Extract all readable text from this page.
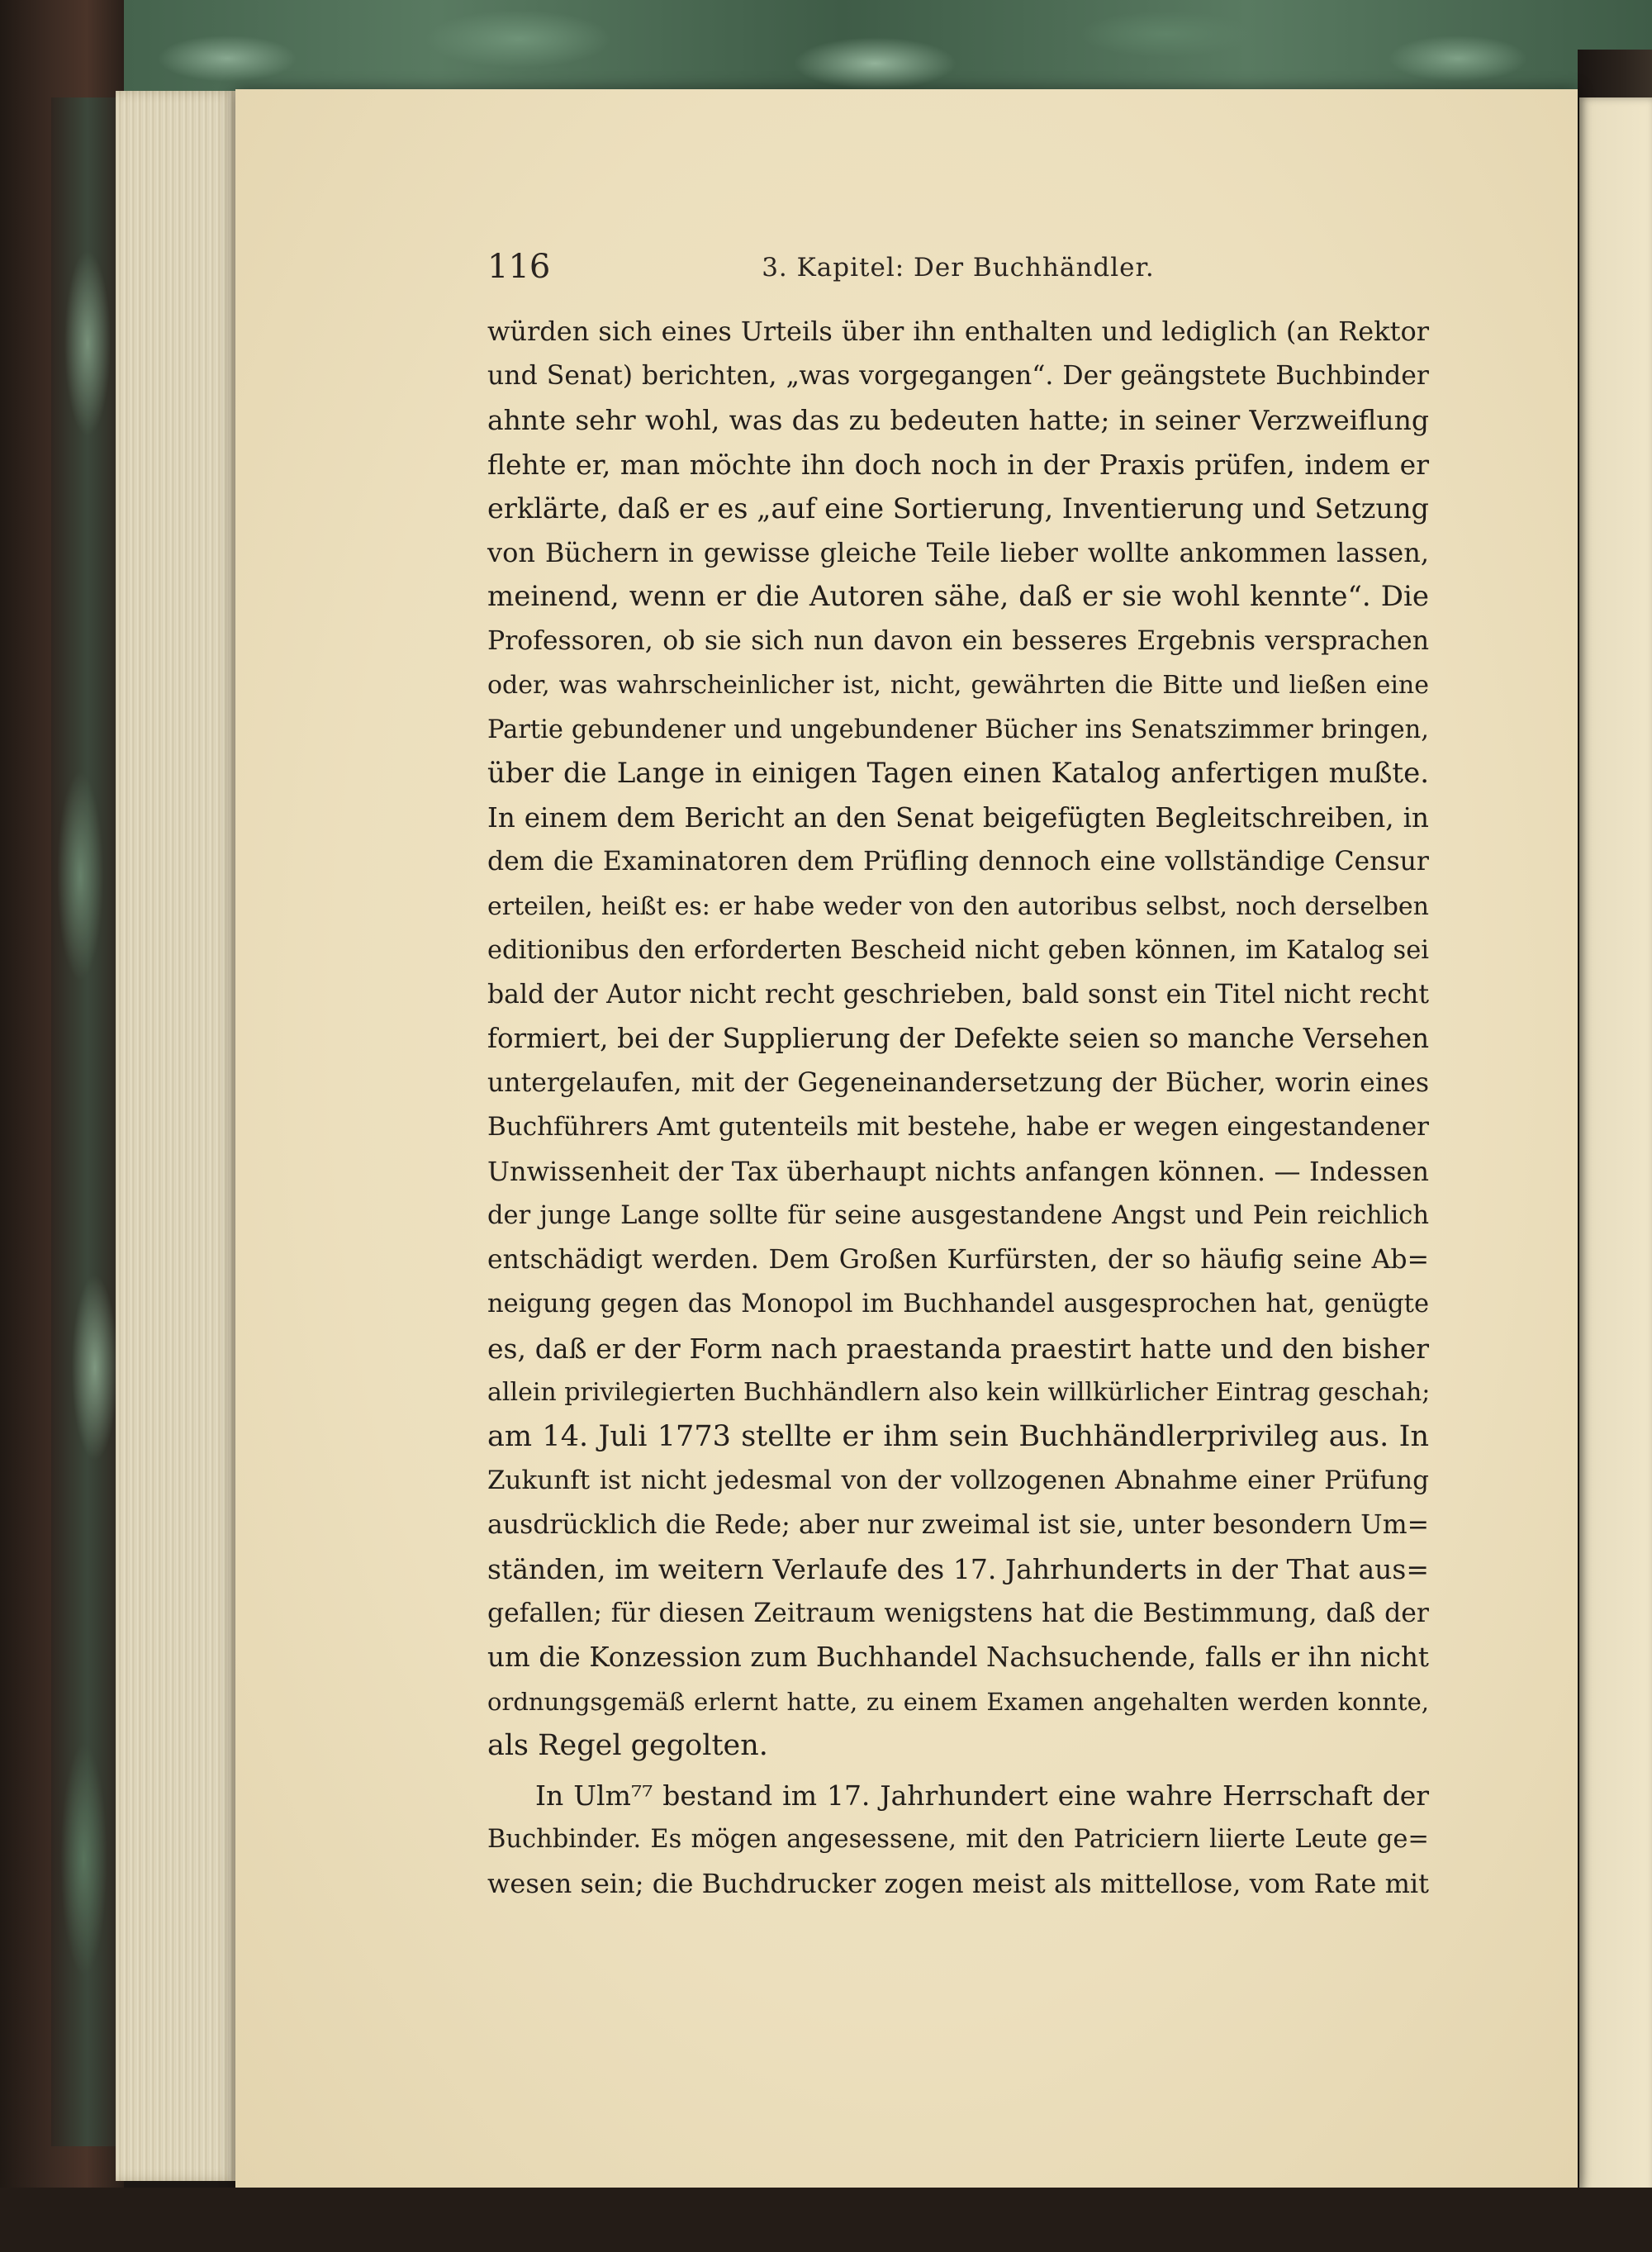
116	3. Kapitel: Der Buchhändler.
würden sich eines Urteils über ihn enthalten und lediglich (an Rektor
und Senat) berichten, „was vorgegangen“. Der geängstete Buchbinder
ahnte sehr wohl, was das zu bedeuten hatte; in seiner Verzweiflung
flehte er, man möchte ihn doch noch in der Praxis prüfen, indem er
erklärte, daß er es „auf eine Sortierung, Inventierung und Setzung
von Büchern in gewisse gleiche Teile lieber wollte ankommen lassen,
meinend, wenn er die Autoren sähe, daß er sie wohl kennte“. Die
Professoren, ob sie sich nun davon ein besseres Ergebnis versprachen
oder, was wahrscheinlicher ist, nicht, gewährten die Bitte und ließen eine
Partie gebundener und ungebundener Bücher ins Senatszimmer bringen,
über die Lange in einigen Tagen einen Katalog anfertigen mußte.
In einem dem Bericht an den Senat beigefügten Begleitschreiben, in
dem die Examinatoren dem Prüfling dennoch eine vollständige Censur
erteilen, heißt es: er habe weder von den autoribus selbst, noch derselben
editionibus den erforderten Bescheid nicht geben können, im Katalog sei
bald der Autor nicht recht geschrieben, bald sonst ein Titel nicht recht
formiert, bei der Supplierung der Defekte seien so manche Versehen
untergelaufen, mit der Gegeneinandersetzung der Bücher, worin eines
Buchführers Amt gutenteils mit bestehe, habe er wegen eingestandener
Unwissenheit der Tax überhaupt nichts anfangen können. — Indessen
der junge Lange sollte für seine ausgestandene Angst und Pein reichlich
entschädigt werden. Dem Großen Kurfürsten, der so häufig seine Ab=
neigung gegen das Monopol im Buchhandel ausgesprochen hat, genügte
es, daß er der Form nach praestanda praestirt hatte und den bisher
allein privilegierten Buchhändlern also kein willkürlicher Eintrag geschah;
am 14. Juli 1773 stellte er ihm sein Buchhändlerprivileg aus. In
Zukunft ist nicht jedesmal von der vollzogenen Abnahme einer Prüfung
ausdrücklich die Rede; aber nur zweimal ist sie, unter besondern Um=
ständen, im weitern Verlaufe des 17. Jahrhunderts in der That aus=
gefallen; für diesen Zeitraum wenigstens hat die Bestimmung, daß der
um die Konzession zum Buchhandel Nachsuchende, falls er ihn nicht
ordnungsgemäß erlernt hatte, zu einem Examen angehalten werden konnte,
als Regel gegolten.
In Ulm⁷⁷ bestand im 17. Jahrhundert eine wahre Herrschaft der
Buchbinder. Es mögen angesessene, mit den Patriciern liierte Leute ge=
wesen sein; die Buchdrucker zogen meist als mittellose, vom Rate mit
